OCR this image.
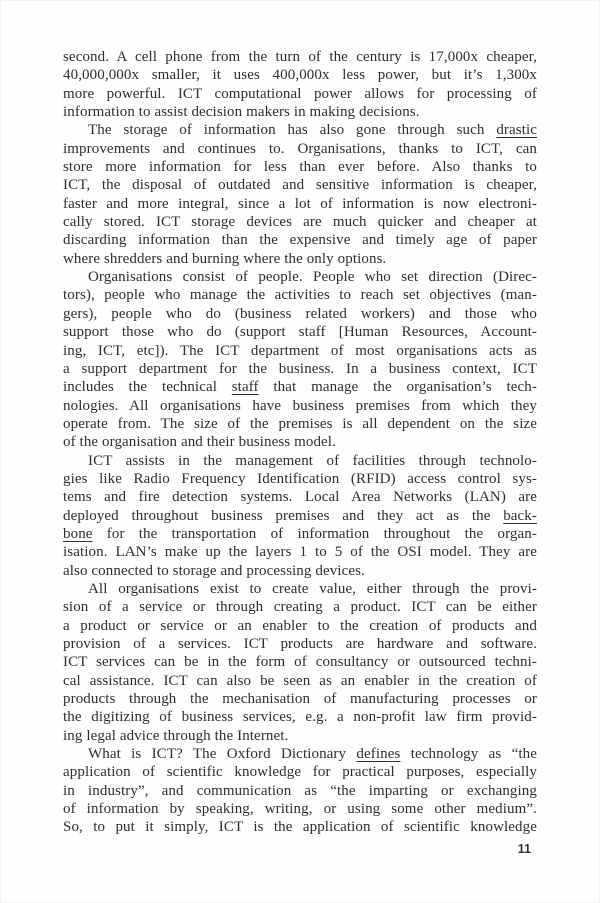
second. A cell phone from the turn of the century is 17,000x cheaper,
40,000,000x smaller, it uses 400,000x less power, but it’s 1,300x
more powerful. ICT computational power allows for processing of
information to assist decision makers in making decisions.
The storage of information has also gone through such drastic
improvements and continues to. Organisations, thanks to ICT, can
store more information for less than ever before. Also thanks to
ICT, the disposal of outdated and sensitive information is cheaper,
faster and more integral, since a lot of information is now electroni-
cally stored. ICT storage devices are much quicker and cheaper at
discarding information than the expensive and timely age of paper
where shredders and burning where the only options.
Organisations consist of people. People who set direction (Direc-
tors), people who manage the activities to reach set objectives (man-
gers), people who do (business related workers) and those who
support those who do (support staff [Human Resources, Account-
ing, ICT, etc]). The ICT department of most organisations acts as
a support department for the business. In a business context, ICT
includes the technical staff that manage the organisation’s tech-
nologies. All organisations have business premises from which they
operate from. The size of the premises is all dependent on the size
of the organisation and their business model.
ICT assists in the management of facilities through technolo-
gies like Radio Frequency Identification (RFID) access control sys-
tems and fire detection systems. Local Area Networks (LAN) are
deployed throughout business premises and they act as the back-
bone for the transportation of information throughout the organ-
isation. LAN’s make up the layers 1 to 5 of the OSI model. They are
also connected to storage and processing devices.
All organisations exist to create value, either through the provi-
sion of a service or through creating a product. ICT can be either
a product or service or an enabler to the creation of products and
provision of a services. ICT products are hardware and software.
ICT services can be in the form of consultancy or outsourced techni-
cal assistance. ICT can also be seen as an enabler in the creation of
products through the mechanisation of manufacturing processes or
the digitizing of business services, e.g. a non-profit law firm provid-
ing legal advice through the Internet.
What is ICT? The Oxford Dictionary defines technology as “the
application of scientific knowledge for practical purposes, especially
in industry”, and communication as “the imparting or exchanging
of information by speaking, writing, or using some other medium”.
So, to put it simply, ICT is the application of scientific knowledge
11
